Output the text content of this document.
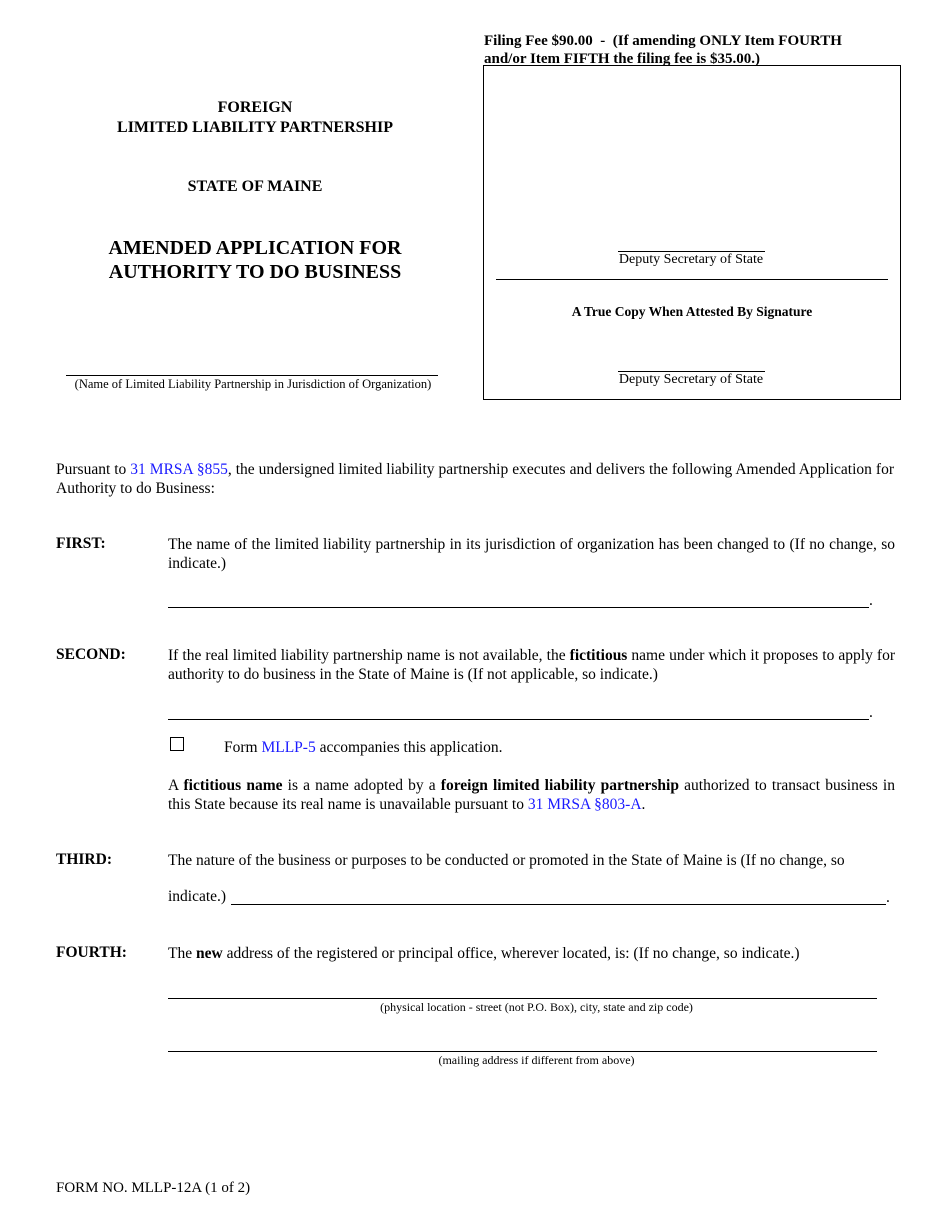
FOREIGN
LIMITED LIABILITY PARTNERSHIP
STATE OF MAINE
AMENDED APPLICATION FOR
AUTHORITY TO DO BUSINESS
(Name of Limited Liability Partnership in Jurisdiction of Organization)
Filing Fee $90.00  -  (If amending ONLY Item FOURTH
and/or Item FIFTH the filing fee is $35.00.)
Deputy Secretary of State
A True Copy When Attested By Signature
Deputy Secretary of State
Pursuant to 31 MRSA §855, the undersigned limited liability partnership executes and delivers the following Amended Application for Authority to do Business:
FIRST:	The name of the limited liability partnership in its jurisdiction of organization has been changed to (If no change, so indicate.)
.
SECOND:	If the real limited liability partnership name is not available, the fictitious name under which it proposes to apply for authority to do business in the State of Maine is (If not applicable, so indicate.)
.
Form MLLP-5 accompanies this application.
A fictitious name is a name adopted by a foreign limited liability partnership authorized to transact business in this State because its real name is unavailable pursuant to 31 MRSA §803-A.
THIRD:	The nature of the business or purposes to be conducted or promoted in the State of Maine is (If no change, so
indicate.)	.
FOURTH:	The new address of the registered or principal office, wherever located, is: (If no change, so indicate.)
(physical location - street (not P.O. Box), city, state and zip code)
(mailing address if different from above)
FORM NO. MLLP-12A (1 of 2)
